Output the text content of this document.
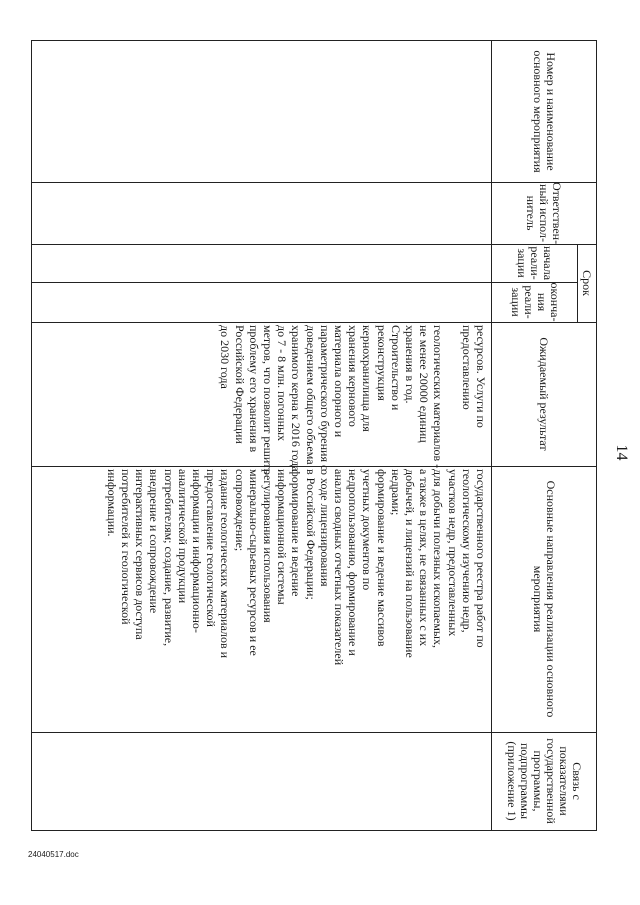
14
Номер и наименование основного мероприятия
Ответствен-ный испол-нитель
Срок
начала реали-зации
оконча-ния реали-зации
Ожидаемый результат
Основные направления реализации основного мероприятия
Связь с показателями государственной программы, подпрограммы (приложение 1)
ресурсов. Услуги по
предоставлению

геологических материалов -
не менее 20000 единиц
хранения в год.
Строительство и
реконструкция
кернохранилища для
хранения кернового
материала опорного и
параметрического бурения с
доведением общего объема
хранимого керна к 2016 года
до 7 - 8 млн. погонных
метров, что позволит решить
проблему его хранения в
Российской Федерации
до 2030 года
государственного реестра работ по
геологическому изучению недр,
участков недр, предоставленных
для добычи полезных ископаемых,
а также в целях, не связанных с их
добычей, и лицензий на пользование
недрами;
формирование и ведение массивов
учетных документов по
недропользованию, формирование и
анализ сводных отчетных показателей
о ходе лицензирования
в Российской Федерации;
формирование и ведение
информационной системы
регулирования использования
минерально-сырьевых ресурсов и ее
сопровождение;
издание геологических материалов и
предоставление геологической
информации и информационно-
аналитической продукции
потребителям; создание, развитие,
внедрение и сопровождение
интерактивных сервисов доступа
потребителей к геологической
информации.
24040517.doc
